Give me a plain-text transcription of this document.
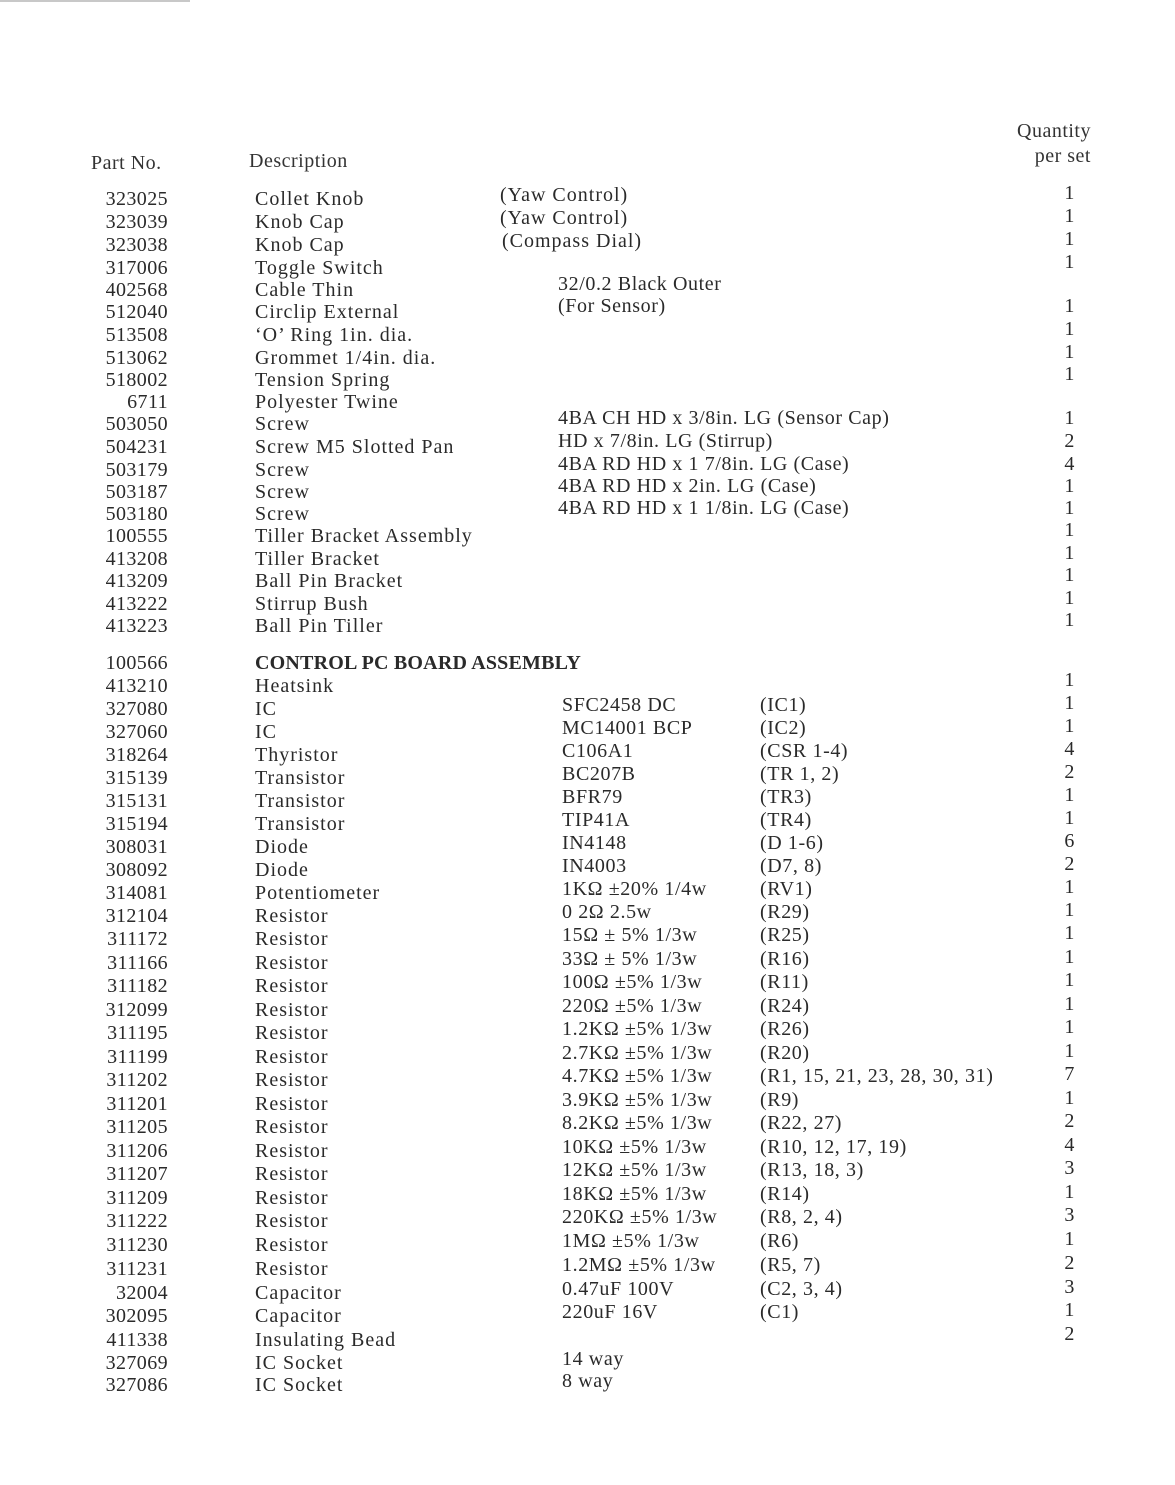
Part No.	Description
Quantity
per set
323025	Collet Knob	(Yaw Control)	1
323039	Knob Cap	(Yaw Control)	1
323038	Knob Cap	(Compass Dial)	1
317006	Toggle Switch	1
402568	Cable Thin	32/0.2 Black Outer
512040	Circlip External	(For Sensor)	1
513508	‘O’ Ring 1in. dia.	1
513062	Grommet 1/4in. dia.	1
518002	Tension Spring	1
6711	Polyester Twine
503050	Screw	4BA CH HD x 3/8in. LG (Sensor Cap)	1
504231	Screw M5 Slotted Pan	HD x 7/8in. LG (Stirrup)	2
503179	Screw	4BA RD HD x 1 7/8in. LG (Case)	4
503187	Screw	4BA RD HD x 2in. LG (Case)	1
503180	Screw	4BA RD HD x 1 1/8in. LG (Case)	1
100555	Tiller Bracket Assembly	1
413208	Tiller Bracket	1
413209	Ball Pin Bracket	1
413222	Stirrup Bush	1
413223	Ball Pin Tiller	1
100566	CONTROL PC BOARD ASSEMBLY
413210	Heatsink	1
327080	IC	SFC2458 DC	(IC1)	1
327060	IC	MC14001 BCP	(IC2)	1
318264	Thyristor	C106A1	(CSR 1-4)	4
315139	Transistor	BC207B	(TR 1, 2)	2
315131	Transistor	BFR79	(TR3)	1
315194	Transistor	TIP41A	(TR4)	1
308031	Diode	IN4148	(D 1-6)	6
308092	Diode	IN4003	(D7, 8)	2
314081	Potentiometer	1KΩ ±20% 1/4w	(RV1)	1
312104	Resistor	0 2Ω 2.5w	(R29)	1
311172	Resistor	15Ω ± 5% 1/3w	(R25)	1
311166	Resistor	33Ω ± 5% 1/3w	(R16)	1
311182	Resistor	100Ω ±5% 1/3w	(R11)	1
312099	Resistor	220Ω ±5% 1/3w	(R24)	1
311195	Resistor	1.2KΩ ±5% 1/3w (R26)	1
311199	Resistor	2.7KΩ ±5% 1/3w (R20)	1
311202	Resistor	4.7KΩ ±5% 1/3w (R1, 15, 21, 23, 28, 30, 31)	7
311201	Resistor	3.9KΩ ±5% 1/3w (R9)	1
311205	Resistor	8.2KΩ ±5% 1/3w (R22, 27)	2
311206	Resistor	10KΩ ±5% 1/3w	(R10, 12, 17, 19)	4
311207	Resistor	12KΩ ±5% 1/3w	(R13, 18, 3)	3
311209	Resistor	18KΩ ±5% 1/3w	(R14)	1
311222	Resistor	220KΩ ±5% 1/3w (R8, 2, 4)	3
311230	Resistor	1MΩ ±5% 1/3w	(R6)	1
311231	Resistor	1.2MΩ ±5% 1/3w (R5, 7)	2
32004	Capacitor	0.47uF 100V	(C2, 3, 4)	3
302095	Capacitor	220uF 16V	(C1)	1
411338	Insulating Bead	2
327069	IC Socket	14 way
327086	IC Socket	8 way
